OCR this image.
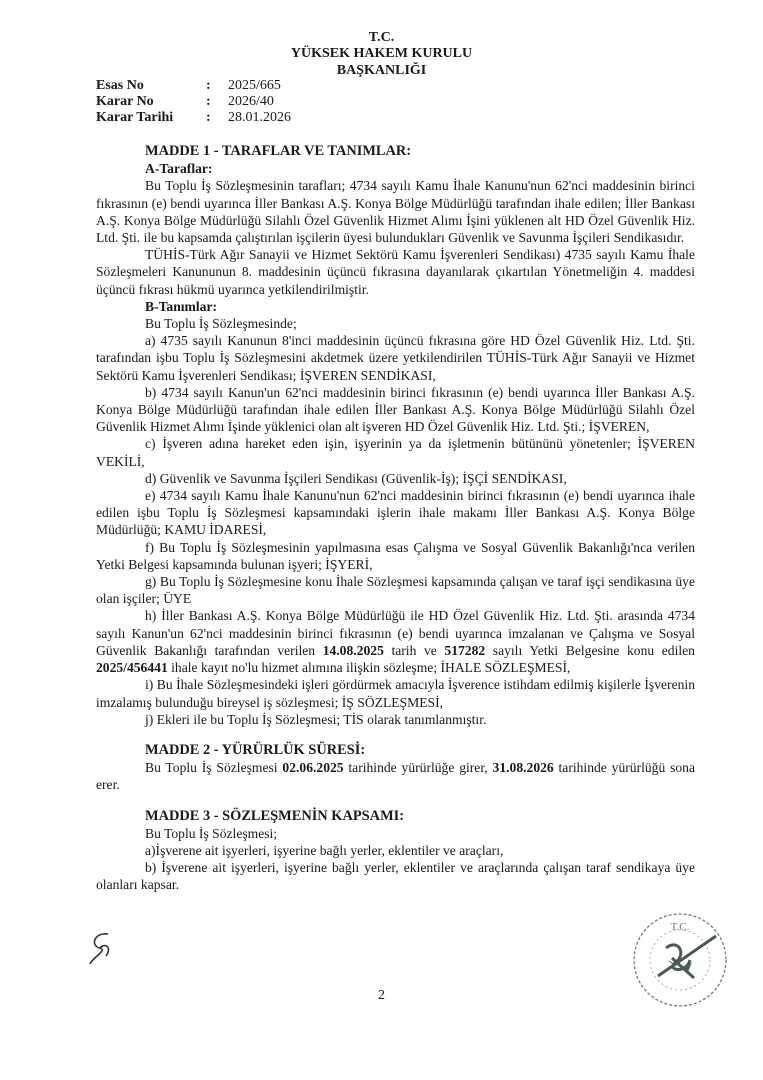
T.C.
YÜKSEK HAKEM KURULU
BAŞKANLIĞI
Esas No	:	2025/665
Karar No	:	2026/40
Karar Tarihi	:	28.01.2026
MADDE 1 - TARAFLAR VE TANIMLAR:
A-Taraflar:

Bu Toplu İş Sözleşmesinin tarafları; 4734 sayılı Kamu İhale Kanunu'nun 62'nci maddesinin birinci fıkrasının (e) bendi uyarınca İller Bankası A.Ş. Konya Bölge Müdürlüğü tarafından ihale edilen; İller Bankası A.Ş. Konya Bölge Müdürlüğü Silahlı Özel Güvenlik Hizmet Alımı İşini yüklenen alt HD Özel Güvenlik Hiz. Ltd. Şti. ile bu kapsamda çalıştırılan işçilerin üyesi bulundukları Güvenlik ve Savunma İşçileri Sendikasıdır.

TÜHİS-Türk Ağır Sanayii ve Hizmet Sektörü Kamu İşverenleri Sendikası) 4735 sayılı Kamu İhale Sözleşmeleri Kanununun 8. maddesinin üçüncü fıkrasına dayanılarak çıkartılan Yönetmeliğin 4. maddesi üçüncü fıkrası hükmü uyarınca yetkilendirilmiştir.

B-Tanımlar:

Bu Toplu İş Sözleşmesinde;

a) 4735 sayılı Kanunun 8'inci maddesinin üçüncü fıkrasına göre HD Özel Güvenlik Hiz. Ltd. Şti. tarafından işbu Toplu İş Sözleşmesini akdetmek üzere yetkilendirilen TÜHİS-Türk Ağır Sanayii ve Hizmet Sektörü Kamu İşverenleri Sendikası; İŞVEREN SENDİKASI,

b) 4734 sayılı Kanun'un 62'nci maddesinin birinci fıkrasının (e) bendi uyarınca İller Bankası A.Ş. Konya Bölge Müdürlüğü tarafından ihale edilen İller Bankası A.Ş. Konya Bölge Müdürlüğü Silahlı Özel Güvenlik Hizmet Alımı İşinde yüklenici olan alt işveren HD Özel Güvenlik Hiz. Ltd. Şti.; İŞVEREN,

c) İşveren adına hareket eden işin, işyerinin ya da işletmenin bütününü yönetenler; İŞVEREN VEKİLİ,

d) Güvenlik ve Savunma İşçileri Sendikası (Güvenlik-İş); İŞÇİ SENDİKASI,

e) 4734 sayılı Kamu İhale Kanunu'nun 62'nci maddesinin birinci fıkrasının (e) bendi uyarınca ihale edilen işbu Toplu İş Sözleşmesi kapsamındaki işlerin ihale makamı İller Bankası A.Ş. Konya Bölge Müdürlüğü; KAMU İDARESİ,

f) Bu Toplu İş Sözleşmesinin yapılmasına esas Çalışma ve Sosyal Güvenlik Bakanlığı'nca verilen Yetki Belgesi kapsamında bulunan işyeri; İŞYERİ,

g) Bu Toplu İş Sözleşmesine konu İhale Sözleşmesi kapsamında çalışan ve taraf işçi sendikasına üye olan işçiler; ÜYE

h) İller Bankası A.Ş. Konya Bölge Müdürlüğü ile HD Özel Güvenlik Hiz. Ltd. Şti. arasında 4734 sayılı Kanun'un 62'nci maddesinin birinci fıkrasının (e) bendi uyarınca imzalanan ve Çalışma ve Sosyal Güvenlik Bakanlığı tarafından verilen 14.08.2025 tarih ve 517282 sayılı Yetki Belgesine konu edilen 2025/456441 ihale kayıt no'lu hizmet alımına ilişkin sözleşme; İHALE SÖZLEŞMESİ,

i) Bu İhale Sözleşmesindeki işleri gördürmek amacıyla İşverence istihdam edilmiş kişilerle İşverenin imzalamış bulunduğu bireysel iş sözleşmesi; İŞ SÖZLEŞMESİ,

j) Ekleri ile bu Toplu İş Sözleşmesi; TİS olarak tanımlanmıştır.

MADDE 2 - YÜRÜRLÜK SÜRESİ:

Bu Toplu İş Sözleşmesi 02.06.2025 tarihinde yürürlüğe girer, 31.08.2026 tarihinde yürürlüğü sona erer.

MADDE 3 - SÖZLEŞMENİN KAPSAMI:

Bu Toplu İş Sözleşmesi;

a)İşverene ait işyerleri, işyerine bağlı yerler, eklentiler ve araçları,

b) İşverene ait işyerleri, işyerine bağlı yerler, eklentiler ve araçlarında çalışan taraf sendikaya üye olanları kapsar.

2
T.C.
